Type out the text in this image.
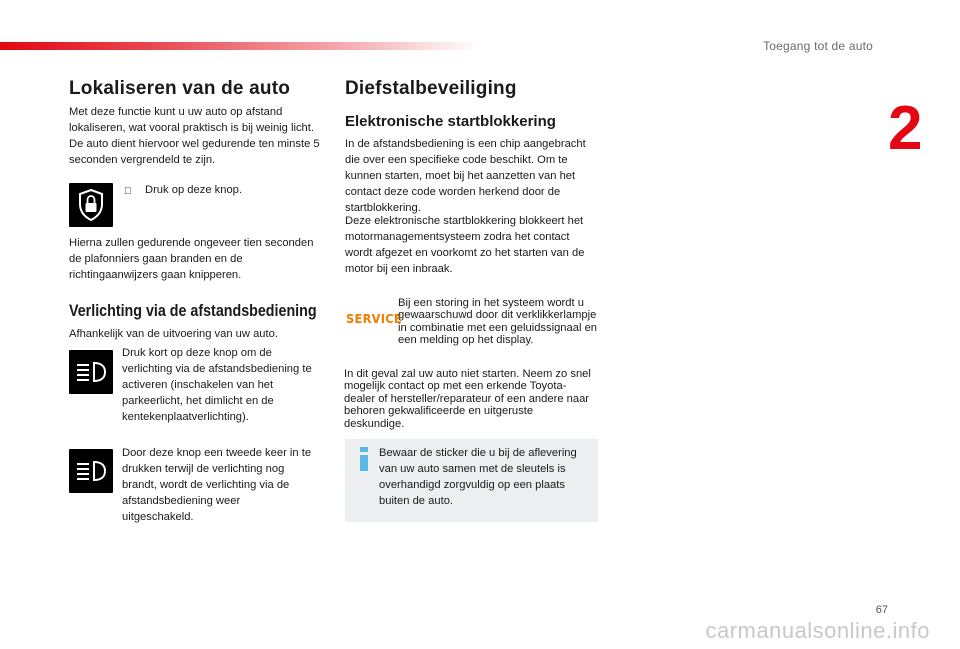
Toegang tot de auto
2
Lokaliseren van de auto
Met deze functie kunt u uw auto op afstand lokaliseren, wat vooral praktisch is bij weinig licht. De auto dient hiervoor wel gedurende ten minste 5 seconden vergrendeld te zijn.
Druk op deze knop.
Hierna zullen gedurende ongeveer tien seconden de plafonniers gaan branden en de richtingaanwijzers gaan knipperen.
Verlichting via de afstandsbediening
Afhankelijk van de uitvoering van uw auto.
Druk kort op deze knop om de verlichting via de afstandsbediening te activeren (inschakelen van het parkeerlicht, het dimlicht en de kentekenplaatverlichting).
Door deze knop een tweede keer in te drukken terwijl de verlichting nog brandt, wordt de verlichting via de afstandsbediening weer uitgeschakeld.
Diefstalbeveiliging
Elektronische startblokkering
In de afstandsbediening is een chip aangebracht die over een specifieke code beschikt. Om te kunnen starten, moet bij het aanzetten van het contact deze code worden herkend door de startblokkering.
Deze elektronische startblokkering blokkeert het motormanagementsysteem zodra het contact wordt afgezet en voorkomt zo het starten van de motor bij een inbraak.
SERVICE
Bij een storing in het systeem wordt u gewaarschuwd door dit verklikkerlampje in combinatie met een geluidssignaal en een melding op het display.
In dit geval zal uw auto niet starten. Neem zo snel mogelijk contact op met een erkende Toyota-dealer of hersteller/reparateur of een andere naar behoren gekwalificeerde en uitgeruste deskundige.
Bewaar de sticker die u bij de aflevering van uw auto samen met de sleutels is overhandigd zorgvuldig op een plaats buiten de auto.
67
carmanualsonline.info
